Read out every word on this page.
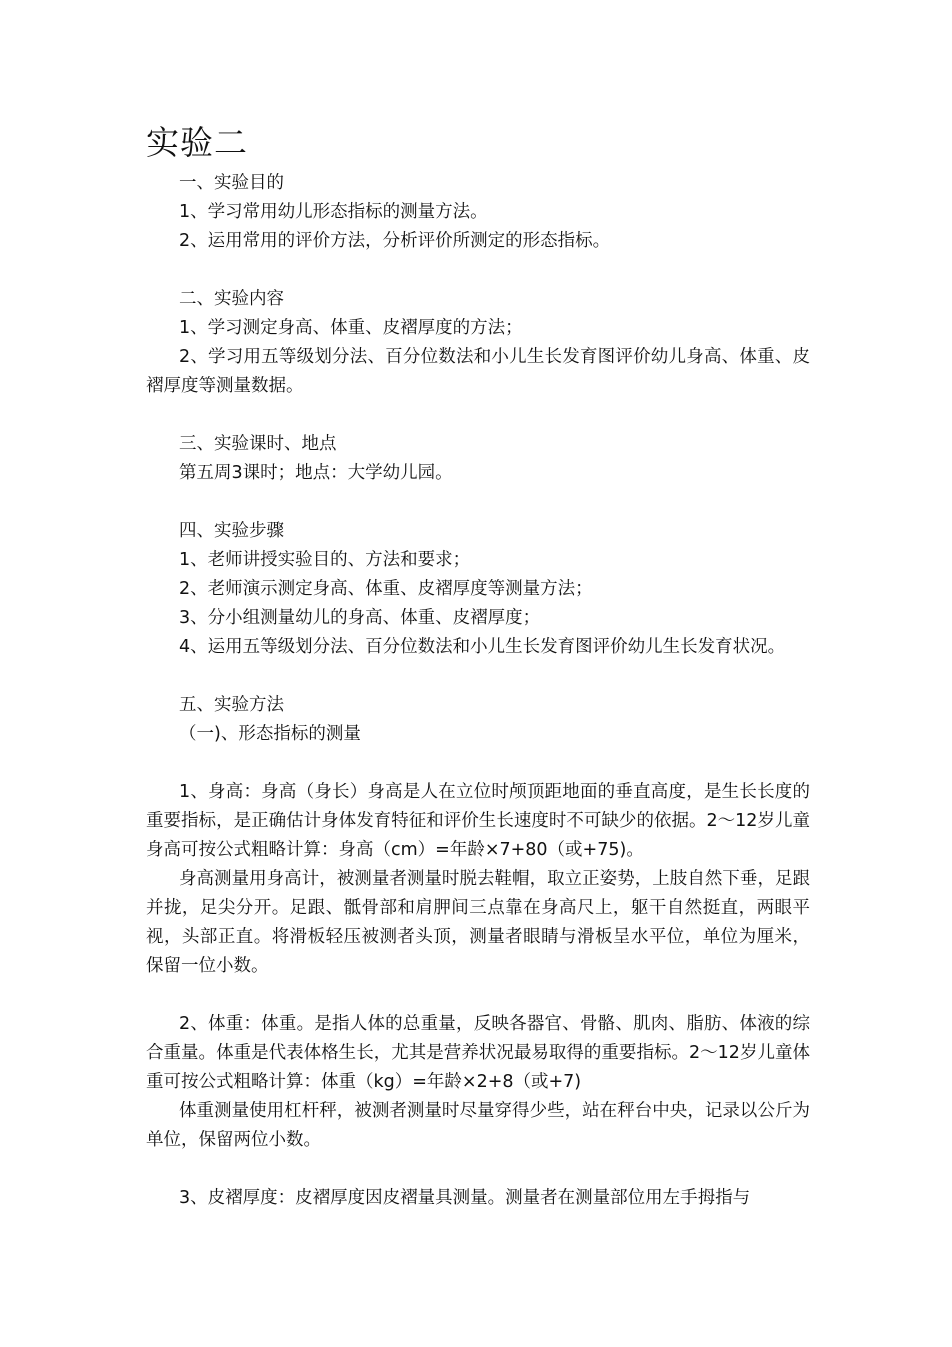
实验二

一、实验目的

1、学习常用幼儿形态指标的测量方法。

2、运用常用的评价方法，分析评价所测定的形态指标。

二、实验内容

1、学习测定身高、体重、皮褶厚度的方法；

2、学习用五等级划分法、百分位数法和小儿生长发育图评价幼儿身高、体重、皮褶厚度等测量数据。

三、实验课时、地点

第五周3课时；地点：大学幼儿园。

四、实验步骤

1、老师讲授实验目的、方法和要求；

2、老师演示测定身高、体重、皮褶厚度等测量方法；

3、分小组测量幼儿的身高、体重、皮褶厚度；

4、运用五等级划分法、百分位数法和小儿生长发育图评价幼儿生长发育状况。

五、实验方法

（一)、形态指标的测量

1、身高：身高（身长）身高是人在立位时颅顶距地面的垂直高度，是生长长度的重要指标，是正确估计身体发育特征和评价生长速度时不可缺少的依据。2～12岁儿童身高可按公式粗略计算：身高（cm）=年龄×7+80（或+75)。

身高测量用身高计，被测量者测量时脱去鞋帽，取立正姿势，上肢自然下垂，足跟并拢，足尖分开。足跟、骶骨部和肩胛间三点靠在身高尺上，躯干自然挺直，两眼平视，头部正直。将滑板轻压被测者头顶，测量者眼睛与滑板呈水平位，单位为厘米，保留一位小数。

2、体重：体重。是指人体的总重量，反映各器官、骨骼、肌肉、脂肪、体液的综合重量。体重是代表体格生长，尤其是营养状况最易取得的重要指标。2～12岁儿童体重可按公式粗略计算：体重（kg）=年龄×2+8（或+7)

体重测量使用杠杆秤，被测者测量时尽量穿得少些，站在秤台中央，记录以公斤为单位，保留两位小数。

3、皮褶厚度：皮褶厚度因皮褶量具测量。测量者在测量部位用左手拇指与
